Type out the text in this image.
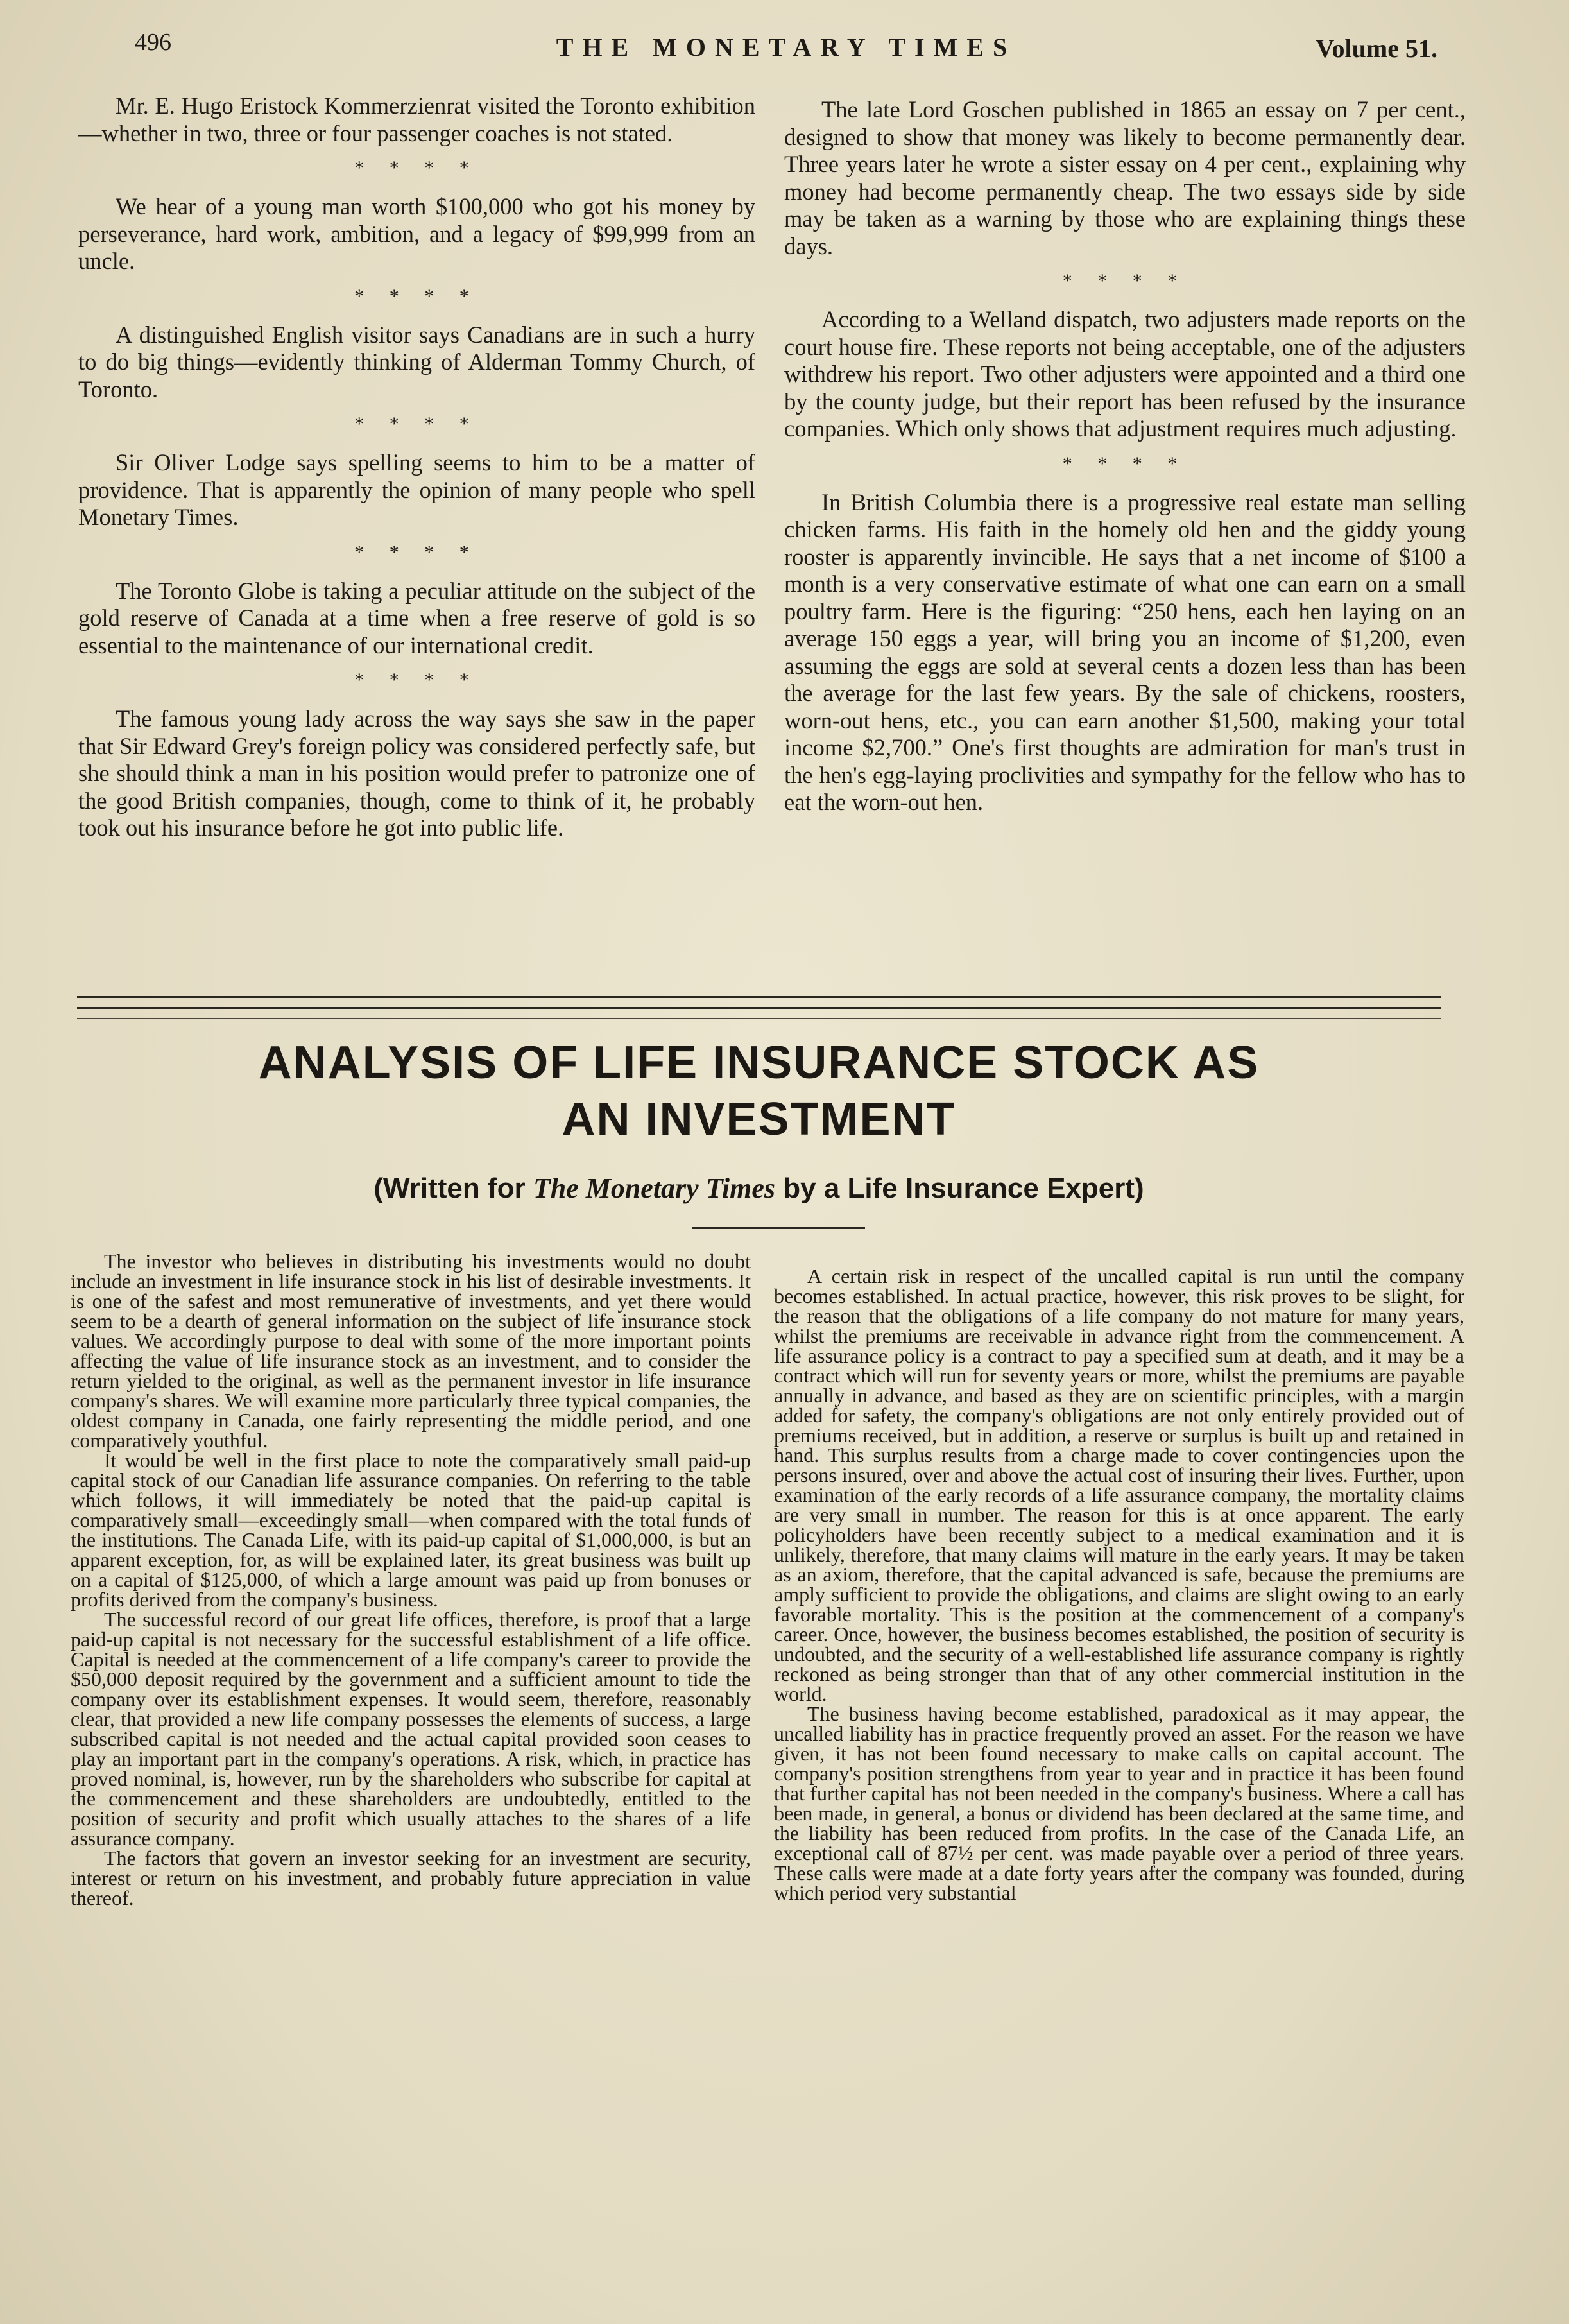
496	THE MONETARY TIMES	Volume 51.

Mr. E. Hugo Eristock Kommerzienrat visited the Toronto exhibition—whether in two, three or four passenger coaches is not stated.

* * * *

We hear of a young man worth $100,000 who got his money by perseverance, hard work, ambition, and a legacy of $99,999 from an uncle.

* * * *

A distinguished English visitor says Canadians are in such a hurry to do big things—evidently thinking of Alderman Tommy Church, of Toronto.

* * * *

Sir Oliver Lodge says spelling seems to him to be a matter of providence. That is apparently the opinion of many people who spell Monetary Times.

* * * *

The Toronto Globe is taking a peculiar attitude on the subject of the gold reserve of Canada at a time when a free reserve of gold is so essential to the maintenance of our international credit.

* * * *

The famous young lady across the way says she saw in the paper that Sir Edward Grey's foreign policy was considered perfectly safe, but she should think a man in his position would prefer to patronize one of the good British companies, though, come to think of it, he probably took out his insurance before he got into public life.

The late Lord Goschen published in 1865 an essay on 7 per cent., designed to show that money was likely to become permanently dear. Three years later he wrote a sister essay on 4 per cent., explaining why money had become permanently cheap. The two essays side by side may be taken as a warning by those who are explaining things these days.

* * * *

According to a Welland dispatch, two adjusters made reports on the court house fire. These reports not being acceptable, one of the adjusters withdrew his report. Two other adjusters were appointed and a third one by the county judge, but their report has been refused by the insurance companies. Which only shows that adjustment requires much adjusting.

* * * *

In British Columbia there is a progressive real estate man selling chicken farms. His faith in the homely old hen and the giddy young rooster is apparently invincible. He says that a net income of $100 a month is a very conservative estimate of what one can earn on a small poultry farm. Here is the figuring: “250 hens, each hen laying on an average 150 eggs a year, will bring you an income of $1,200, even assuming the eggs are sold at several cents a dozen less than has been the average for the last few years. By the sale of chickens, roosters, worn-out hens, etc., you can earn another $1,500, making your total income $2,700.” One's first thoughts are admiration for man's trust in the hen's egg-laying proclivities and sympathy for the fellow who has to eat the worn-out hen.

ANALYSIS OF LIFE INSURANCE STOCK AS
AN INVESTMENT
(Written for The Monetary Times by a Life Insurance Expert)

The investor who believes in distributing his investments would no doubt include an investment in life insurance stock in his list of desirable investments. It is one of the safest and most remunerative of investments, and yet there would seem to be a dearth of general information on the subject of life insurance stock values. We accordingly purpose to deal with some of the more important points affecting the value of life insurance stock as an investment, and to consider the return yielded to the original, as well as the permanent investor in life insurance company's shares. We will examine more particularly three typical companies, the oldest company in Canada, one fairly representing the middle period, and one comparatively youthful.

It would be well in the first place to note the comparatively small paid-up capital stock of our Canadian life assurance companies. On referring to the table which follows, it will immediately be noted that the paid-up capital is comparatively small—exceedingly small—when compared with the total funds of the institutions. The Canada Life, with its paid-up capital of $1,000,000, is but an apparent exception, for, as will be explained later, its great business was built up on a capital of $125,000, of which a large amount was paid up from bonuses or profits derived from the company's business.

The successful record of our great life offices, therefore, is proof that a large paid-up capital is not necessary for the successful establishment of a life office. Capital is needed at the commencement of a life company's career to provide the $50,000 deposit required by the government and a sufficient amount to tide the company over its establishment expenses. It would seem, therefore, reasonably clear, that provided a new life company possesses the elements of success, a large subscribed capital is not needed and the actual capital provided soon ceases to play an important part in the company's operations. A risk, which, in practice has proved nominal, is, however, run by the shareholders who subscribe for capital at the commencement and these shareholders are undoubtedly, entitled to the position of security and profit which usually attaches to the shares of a life assurance company.

The factors that govern an investor seeking for an investment are security, interest or return on his investment, and probably future appreciation in value thereof.

A certain risk in respect of the uncalled capital is run until the company becomes established. In actual practice, however, this risk proves to be slight, for the reason that the obligations of a life company do not mature for many years, whilst the premiums are receivable in advance right from the commencement. A life assurance policy is a contract to pay a specified sum at death, and it may be a contract which will run for seventy years or more, whilst the premiums are payable annually in advance, and based as they are on scientific principles, with a margin added for safety, the company's obligations are not only entirely provided out of premiums received, but in addition, a reserve or surplus is built up and retained in hand. This surplus results from a charge made to cover contingencies upon the persons insured, over and above the actual cost of insuring their lives. Further, upon examination of the early records of a life assurance company, the mortality claims are very small in number. The reason for this is at once apparent. The early policyholders have been recently subject to a medical examination and it is unlikely, therefore, that many claims will mature in the early years. It may be taken as an axiom, therefore, that the capital advanced is safe, because the premiums are amply sufficient to provide the obligations, and claims are slight owing to an early favorable mortality. This is the position at the commencement of a company's career. Once, however, the business becomes established, the position of security is undoubted, and the security of a well-established life assurance company is rightly reckoned as being stronger than that of any other commercial institution in the world.

The business having become established, paradoxical as it may appear, the uncalled liability has in practice frequently proved an asset. For the reason we have given, it has not been found necessary to make calls on capital account. The company's position strengthens from year to year and in practice it has been found that further capital has not been needed in the company's business. Where a call has been made, in general, a bonus or dividend has been declared at the same time, and the liability has been reduced from profits. In the case of the Canada Life, an exceptional call of 87½ per cent. was made payable over a period of three years. These calls were made at a date forty years after the company was founded, during which period very substantial
